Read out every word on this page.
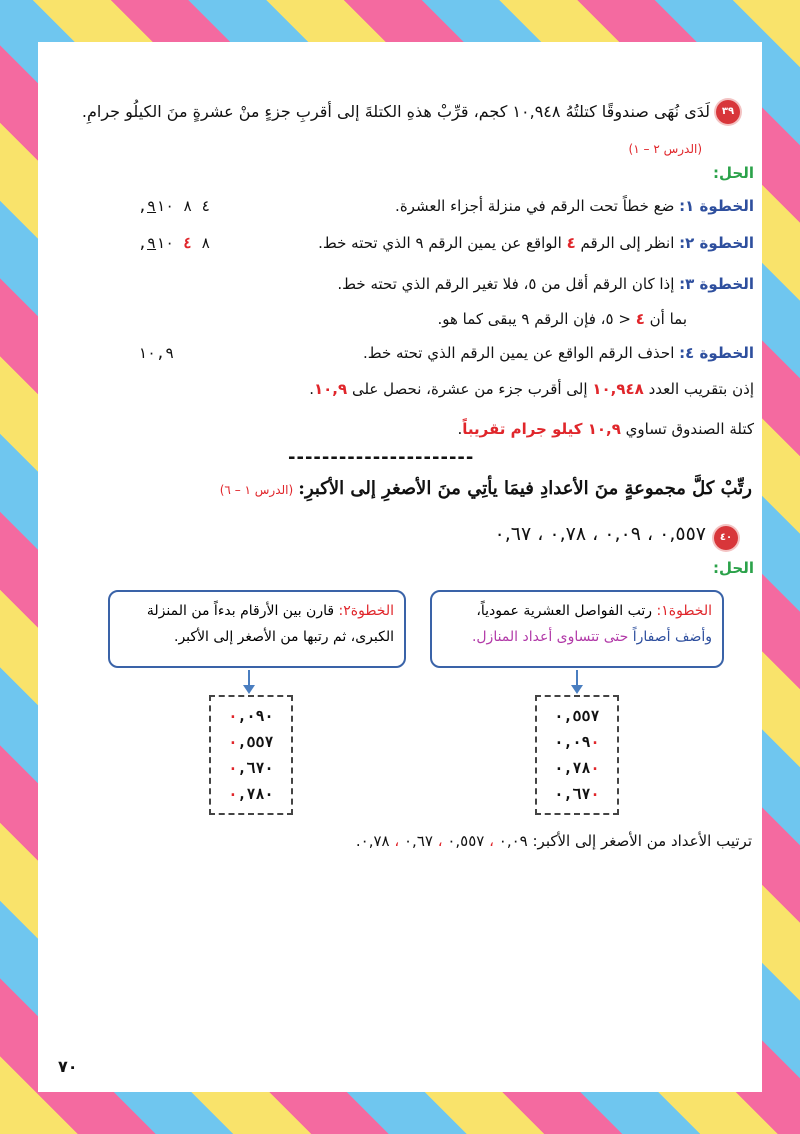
٣٩
لَدَى نُهَى صندوقًا كتلتُهُ ١٠,٩٤٨ كجم، قرِّبْ هذهِ الكتلةَ إلى أقربِ جزءٍ منْ عشرةٍ منَ الكيلُو جرامِ.
(الدرس ٢ – ١)
الحل:
الخطوة ١: ضع خطاً تحت الرقم في منزلة أجزاء العشرة.
٤ ٨ ٩١٠,
الخطوة ٢: انظر إلى الرقم ٤ الواقع عن يمين الرقم ٩ الذي تحته خط.
٨ ٤ ٩١٠,
الخطوة ٣: إذا كان الرقم أقل من ٥، فلا تغير الرقم الذي تحته خط.
بما أن ٤ < ٥، فإن الرقم ٩ يبقى كما هو.
الخطوة ٤: احذف الرقم الواقع عن يمين الرقم الذي تحته خط.
١٠,٩
إذن بتقريب العدد ١٠,٩٤٨ إلى أقرب جزء من عشرة، نحصل على ١٠,٩.
كتلة الصندوق تساوي ١٠,٩ كيلو جرام تقريباً.
----------------------
رتِّبْ كلَّ مجموعةٍ منَ الأعدادِ فيمَا يأتِي منَ الأصغرِ إلى الأكبرِ: (الدرس ١ – ٦)
٤٠
٠,٥٥٧ ، ٠,٠٩ ، ٠,٧٨ ، ٠,٦٧
الحل:
الخطوة١: رتب الفواصل العشرية عمودياً،
وأضف أصفاراً حتى تتساوى أعداد المنازل.
الخطوة٢: قارن بين الأرقام بدءاً من المنزلة
الكبرى، ثم رتبها من الأصغر إلى الأكبر.
٠,٥٥٧
٠,٠٩٠
٠,٧٨٠
٠,٦٧٠
٠,٠٩٠
٠,٥٥٧
٠,٦٧٠
٠,٧٨٠
ترتيب الأعداد من الأصغر إلى الأكبر: ٠,٠٩ ، ٠,٥٥٧ ، ٠,٦٧ ، ٠,٧٨.
٧٠
